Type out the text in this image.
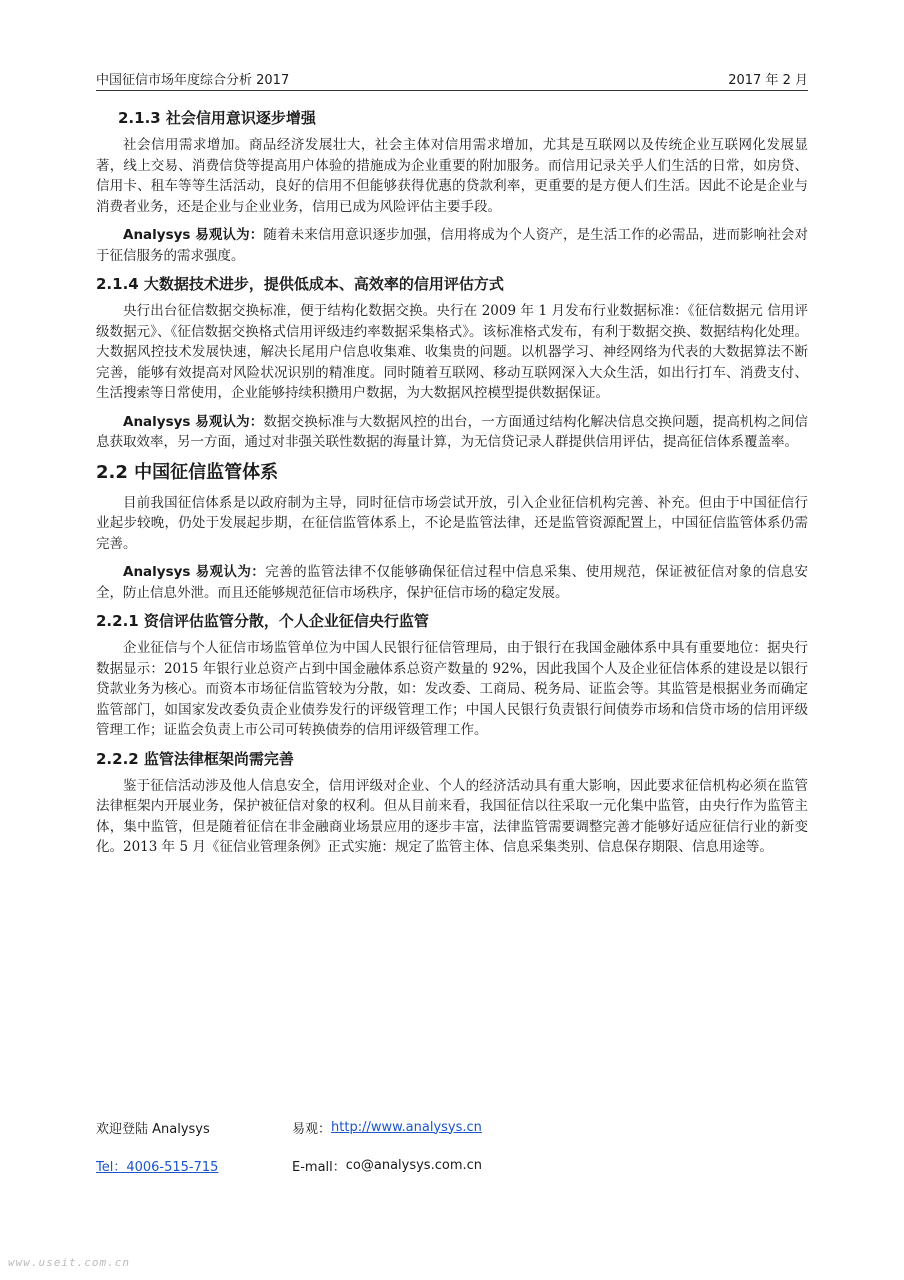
中国征信市场年度综合分析 2017	2017 年 2 月
2.1.3 社会信用意识逐步增强

社会信用需求增加。商品经济发展壮大，社会主体对信用需求增加，尤其是互联网以及传统企业互联网化发展显著，线上交易、消费信贷等提高用户体验的措施成为企业重要的附加服务。而信用记录关乎人们生活的日常，如房贷、信用卡、租车等等生活活动，良好的信用不但能够获得优惠的贷款利率，更重要的是方便人们生活。因此不论是企业与消费者业务，还是企业与企业业务，信用已成为风险评估主要手段。

Analysys 易观认为：随着未来信用意识逐步加强，信用将成为个人资产，是生活工作的必需品，进而影响社会对于征信服务的需求强度。

2.1.4 大数据技术进步，提供低成本、高效率的信用评估方式

央行出台征信数据交换标准，便于结构化数据交换。央行在 2009 年 1 月发布行业数据标准：《征信数据元 信用评级数据元》、《征信数据交换格式信用评级违约率数据采集格式》。该标准格式发布，有利于数据交换、数据结构化处理。大数据风控技术发展快速，解决长尾用户信息收集难、收集贵的问题。以机器学习、神经网络为代表的大数据算法不断完善，能够有效提高对风险状况识别的精准度。同时随着互联网、移动互联网深入大众生活，如出行打车、消费支付、生活搜索等日常使用，企业能够持续积攒用户数据，为大数据风控模型提供数据保证。

Analysys 易观认为：数据交换标准与大数据风控的出台，一方面通过结构化解决信息交换问题，提高机构之间信息获取效率，另一方面，通过对非强关联性数据的海量计算，为无信贷记录人群提供信用评估，提高征信体系覆盖率。

2.2 中国征信监管体系

目前我国征信体系是以政府制为主导，同时征信市场尝试开放，引入企业征信机构完善、补充。但由于中国征信行业起步较晚，仍处于发展起步期，在征信监管体系上，不论是监管法律，还是监管资源配置上，中国征信监管体系仍需完善。

Analysys 易观认为：完善的监管法律不仅能够确保征信过程中信息采集、使用规范，保证被征信对象的信息安全，防止信息外泄。而且还能够规范征信市场秩序，保护征信市场的稳定发展。

2.2.1 资信评估监管分散，个人企业征信央行监管

企业征信与个人征信市场监管单位为中国人民银行征信管理局，由于银行在我国金融体系中具有重要地位：据央行数据显示：2015 年银行业总资产占到中国金融体系总资产数量的 92%，因此我国个人及企业征信体系的建设是以银行贷款业务为核心。而资本市场征信监管较为分散，如：发改委、工商局、税务局、证监会等。其监管是根据业务而确定监管部门，如国家发改委负责企业债券发行的评级管理工作；中国人民银行负责银行间债券市场和信贷市场的信用评级管理工作；证监会负责上市公司可转换债券的信用评级管理工作。

2.2.2 监管法律框架尚需完善

鉴于征信活动涉及他人信息安全，信用评级对企业、个人的经济活动具有重大影响，因此要求征信机构必须在监管法律框架内开展业务，保护被征信对象的权利。但从目前来看，我国征信以往采取一元化集中监管，由央行作为监管主体，集中监管，但是随着征信在非金融商业场景应用的逐步丰富，法律监管需要调整完善才能够好适应征信行业的新变化。2013 年 5 月《征信业管理条例》正式实施：规定了监管主体、信息采集类别、信息保存期限、信息用途等。

欢迎登陆 Analysys	易观： http://www.analysys.cn
Tel：4006-515-715	E-mall： co@analysys.com.cn
www.useit.com.cn
